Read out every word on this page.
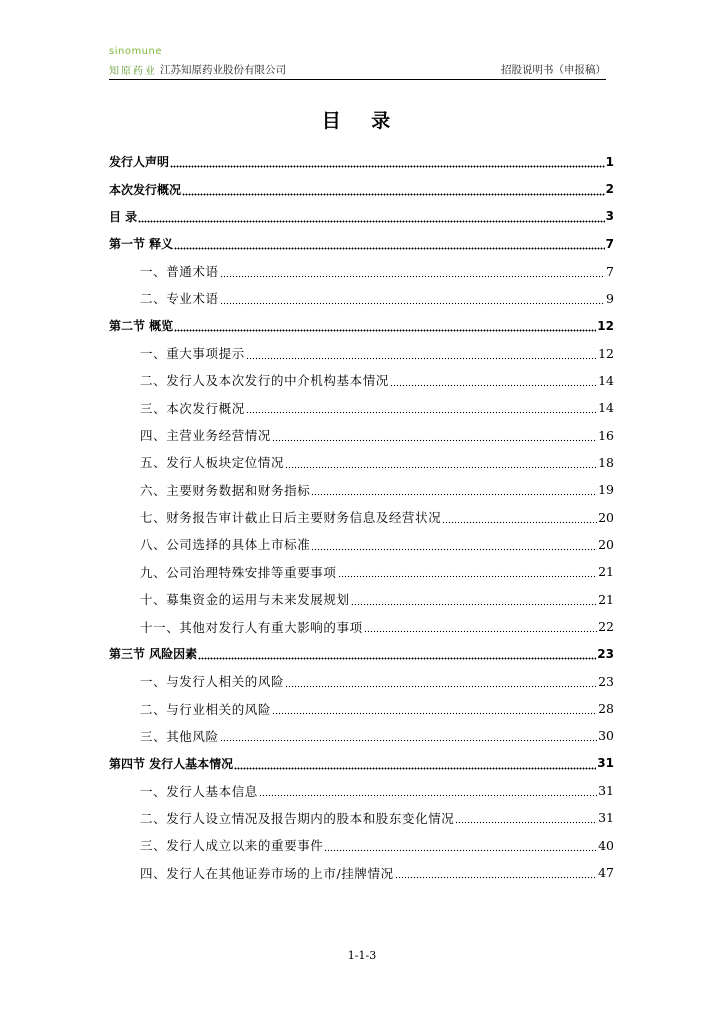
sinomune
知原药业 江苏知原药业股份有限公司	招股说明书（申报稿）
目 录
发行人声明	1
本次发行概况	2
目 录	3
第一节 释义	7
一、普通术语	7
二、专业术语	9
第二节 概览	12
一、重大事项提示	12
二、发行人及本次发行的中介机构基本情况	14
三、本次发行概况	14
四、主营业务经营情况	16
五、发行人板块定位情况	18
六、主要财务数据和财务指标	19
七、财务报告审计截止日后主要财务信息及经营状况	20
八、公司选择的具体上市标准	20
九、公司治理特殊安排等重要事项	21
十、募集资金的运用与未来发展规划	21
十一、其他对发行人有重大影响的事项	22
第三节 风险因素	23
一、与发行人相关的风险	23
二、与行业相关的风险	28
三、其他风险	30
第四节 发行人基本情况	31
一、发行人基本信息	31
二、发行人设立情况及报告期内的股本和股东变化情况	31
三、发行人成立以来的重要事件	40
四、发行人在其他证券市场的上市/挂牌情况	47
1-1-3
